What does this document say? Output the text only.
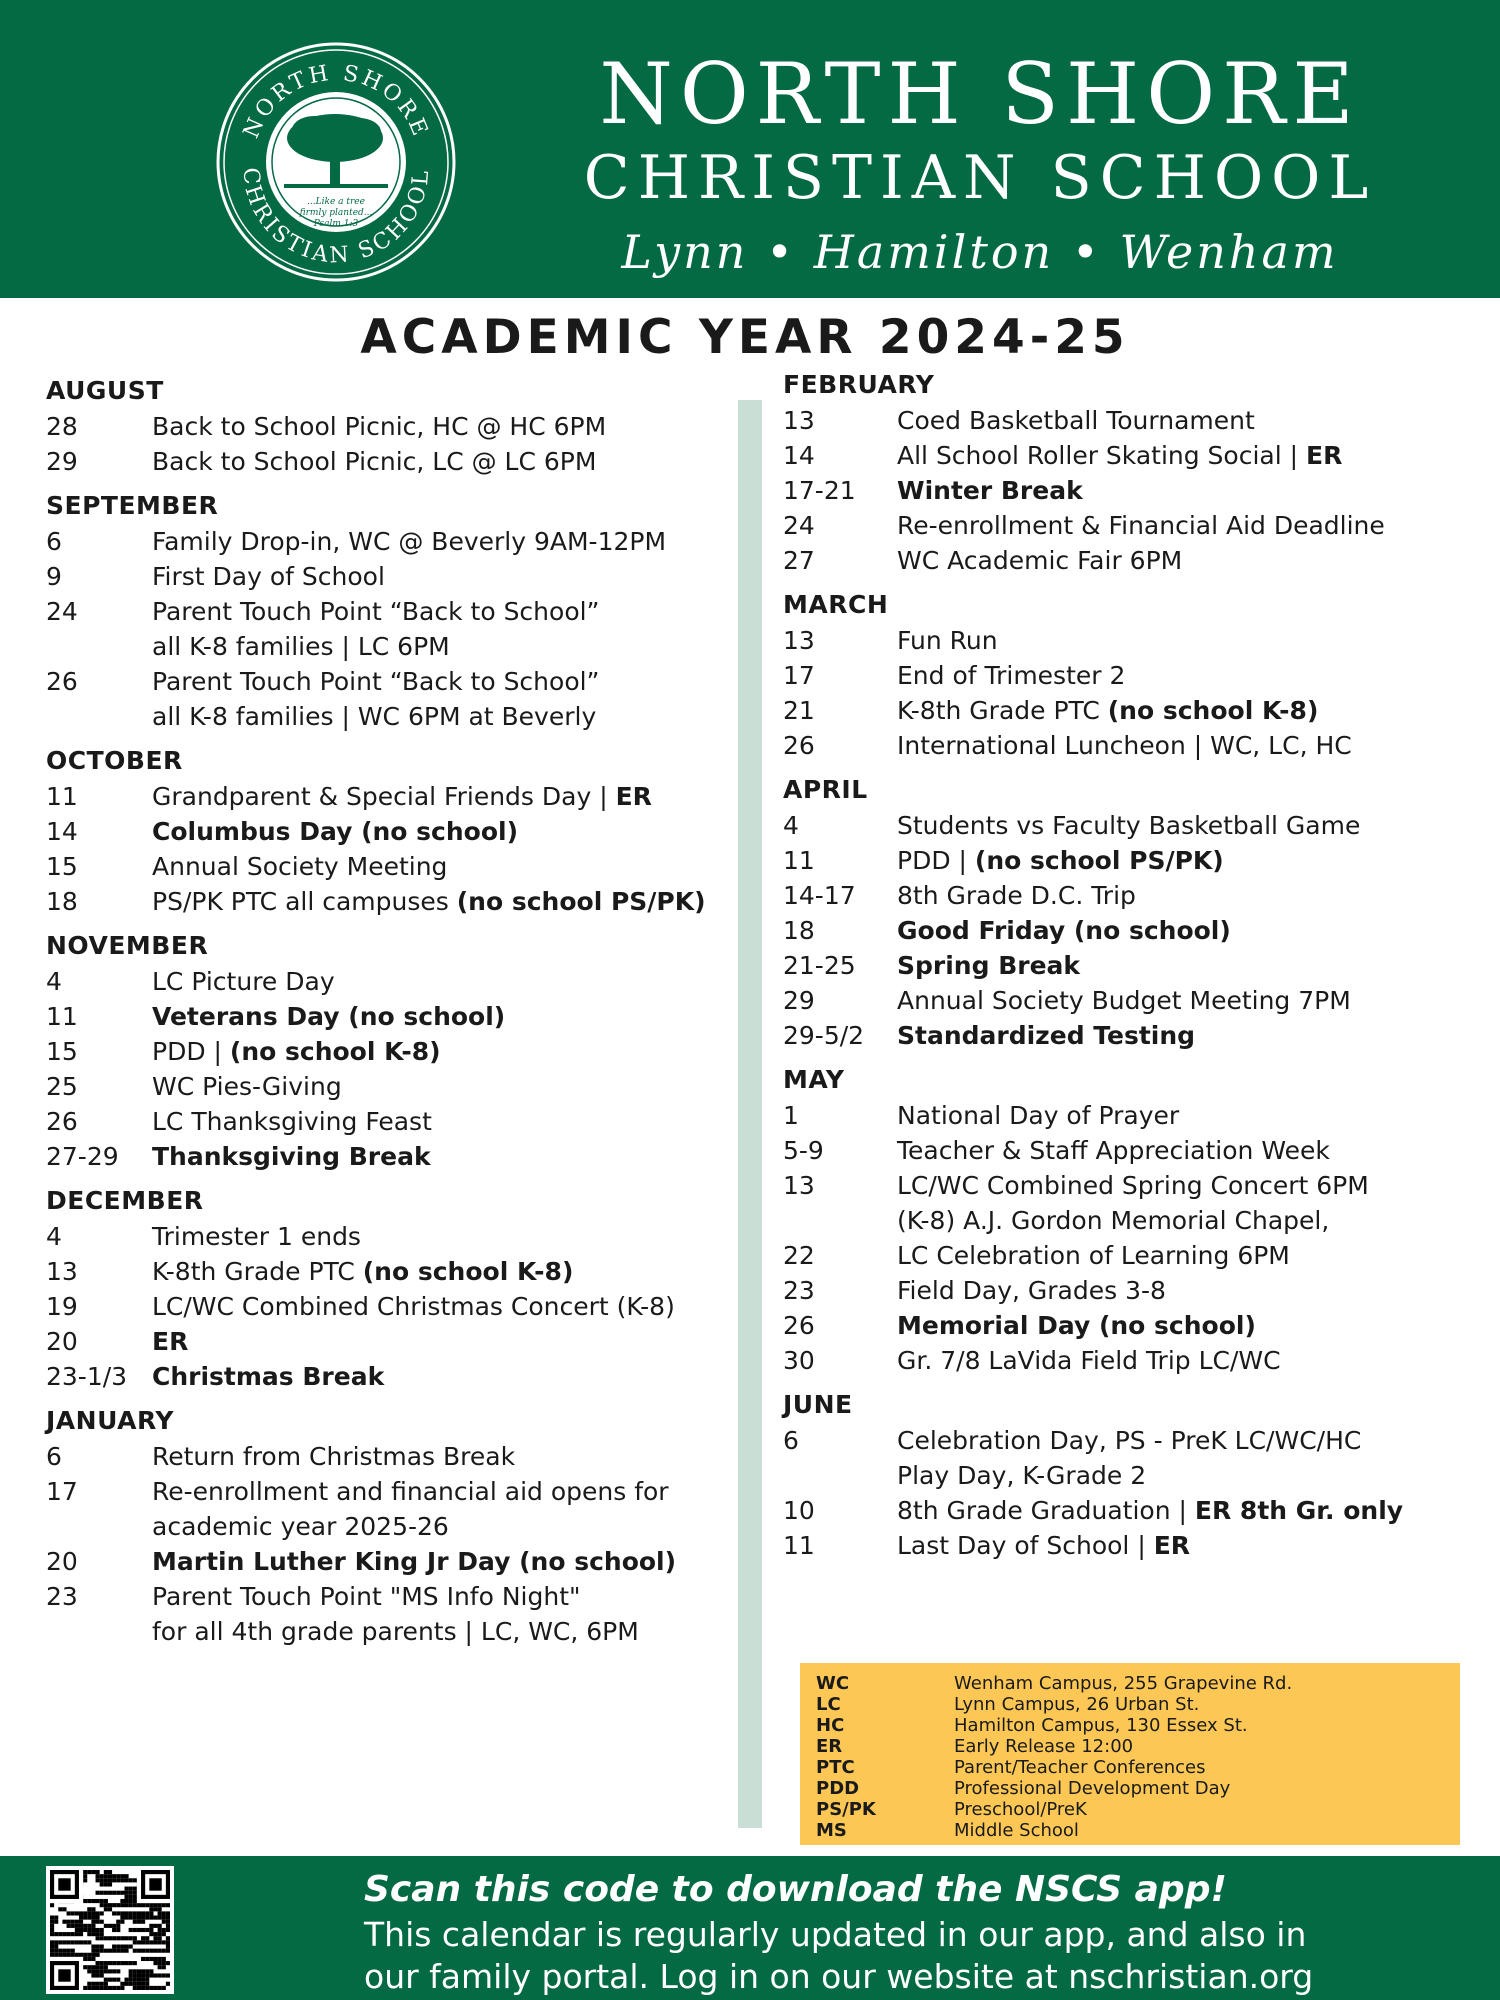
NORTH SHORE
CHRISTIAN SCHOOL
...Like a tree
firmly planted...
Psalm 1:3
NORTH SHORE
CHRISTIAN SCHOOL
Lynn • Hamilton • Wenham
ACADEMIC YEAR 2024-25
AUGUST
28	Back to School Picnic, HC @ HC 6PM
29	Back to School Picnic, LC @ LC 6PM
SEPTEMBER
6	Family Drop-in, WC @ Beverly 9AM-12PM
9	First Day of School
24	Parent Touch Point “Back to School”
all K-8 families | LC 6PM
26	Parent Touch Point “Back to School”
all K-8 families | WC 6PM at Beverly
OCTOBER
11	Grandparent & Special Friends Day | ER
14	Columbus Day (no school)
15	Annual Society Meeting
18	PS/PK PTC all campuses (no school PS/PK)
NOVEMBER
4	LC Picture Day
11	Veterans Day (no school)
15	PDD | (no school K-8)
25	WC Pies-Giving
26	LC Thanksgiving Feast
27-29	Thanksgiving Break
DECEMBER
4	Trimester 1 ends
13	K-8th Grade PTC (no school K-8)
19	LC/WC Combined Christmas Concert (K-8)
20	ER
23-1/3 Christmas Break
JANUARY
6	Return from Christmas Break
17	Re-enrollment and financial aid opens for
academic year 2025-26
20	Martin Luther King Jr Day (no school)
23	Parent Touch Point "MS Info Night"
for all 4th grade parents | LC, WC, 6PM
FEBRUARY
13	Coed Basketball Tournament
14	All School Roller Skating Social | ER
17-21	Winter Break
24	Re-enrollment & Financial Aid Deadline
27	WC Academic Fair 6PM
MARCH
13	Fun Run
17	End of Trimester 2
21	K-8th Grade PTC (no school K-8)
26	International Luncheon | WC, LC, HC
APRIL
4	Students vs Faculty Basketball Game
11	PDD | (no school PS/PK)
14-17	8th Grade D.C. Trip
18	Good Friday (no school)
21-25	Spring Break
29	Annual Society Budget Meeting 7PM
29-5/2	Standardized Testing
MAY
1	National Day of Prayer
5-9	Teacher & Staff Appreciation Week
13	LC/WC Combined Spring Concert 6PM
(K-8) A.J. Gordon Memorial Chapel,
22	LC Celebration of Learning 6PM
23	Field Day, Grades 3-8
26	Memorial Day (no school)
30	Gr. 7/8 LaVida Field Trip LC/WC
JUNE
6	Celebration Day, PS - PreK LC/WC/HC
Play Day, K-Grade 2
10	8th Grade Graduation | ER 8th Gr. only
11	Last Day of School | ER
WC	Wenham Campus, 255 Grapevine Rd.
LC	Lynn Campus, 26 Urban St.
HC	Hamilton Campus, 130 Essex St.
ER	Early Release 12:00
PTC	Parent/Teacher Conferences
PDD	Professional Development Day
PS/PK	Preschool/PreK
MS	Middle School
Scan this code to download the NSCS app!
This calendar is regularly updated in our app, and also in
our family portal. Log in on our website at nschristian.org
